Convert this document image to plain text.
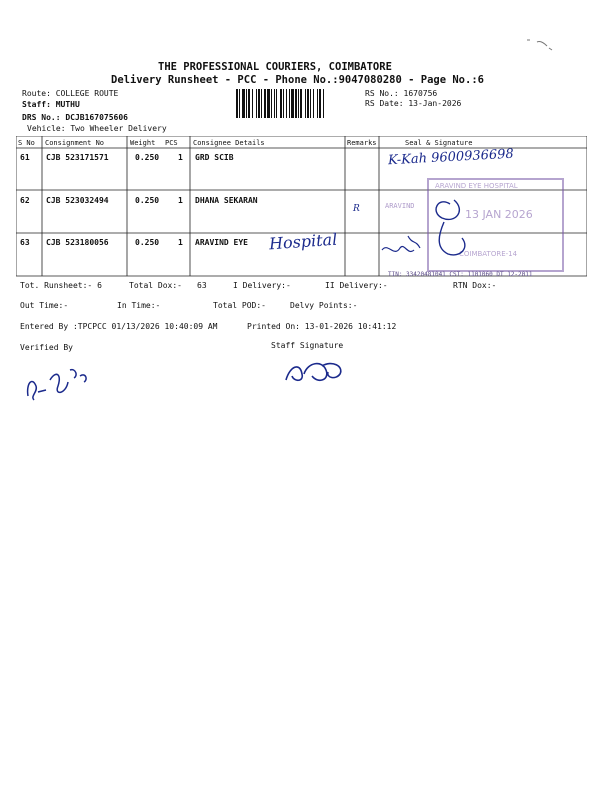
THE PROFESSIONAL COURIERS, COIMBATORE
Delivery Runsheet - PCC - Phone No.:9047080280 - Page No.:6
Route: COLLEGE ROUTE
Staff: MUTHU
DRS No.: DCJB167075606
Vehicle: Two Wheeler Delivery
RS No.: 1670756
RS Date: 13-Jan-2026
S No Consignment No	Weight PCS Consignee Details	Remarks	Seal & Signature
61 CJB 523171571	0.250 1 GRD SCIB
62 CJB 523032494	0.250 1 DHANA SEKARAN
63 CJB 523180056	0.250 1 ARAVIND EYE
K-Kah 9600936698
Hospital
R
ARAVIND EYE HOSPITAL
13 JAN 2026
COIMBATORE-14
ARAVIND
TIN: 33420481041 CST: 1101060 DT 12-2011
Tot. Runsheet:- 6	Total Dox:- 63	I Delivery:-	II Delivery:-	RTN Dox:-
Out Time:-	In Time:-	Total POD:-	Delvy Points:-
Entered By :TPCPCC 01/13/2026 10:40:09 AM	Printed On: 13-01-2026 10:41:12
Verified By	Staff Signature
